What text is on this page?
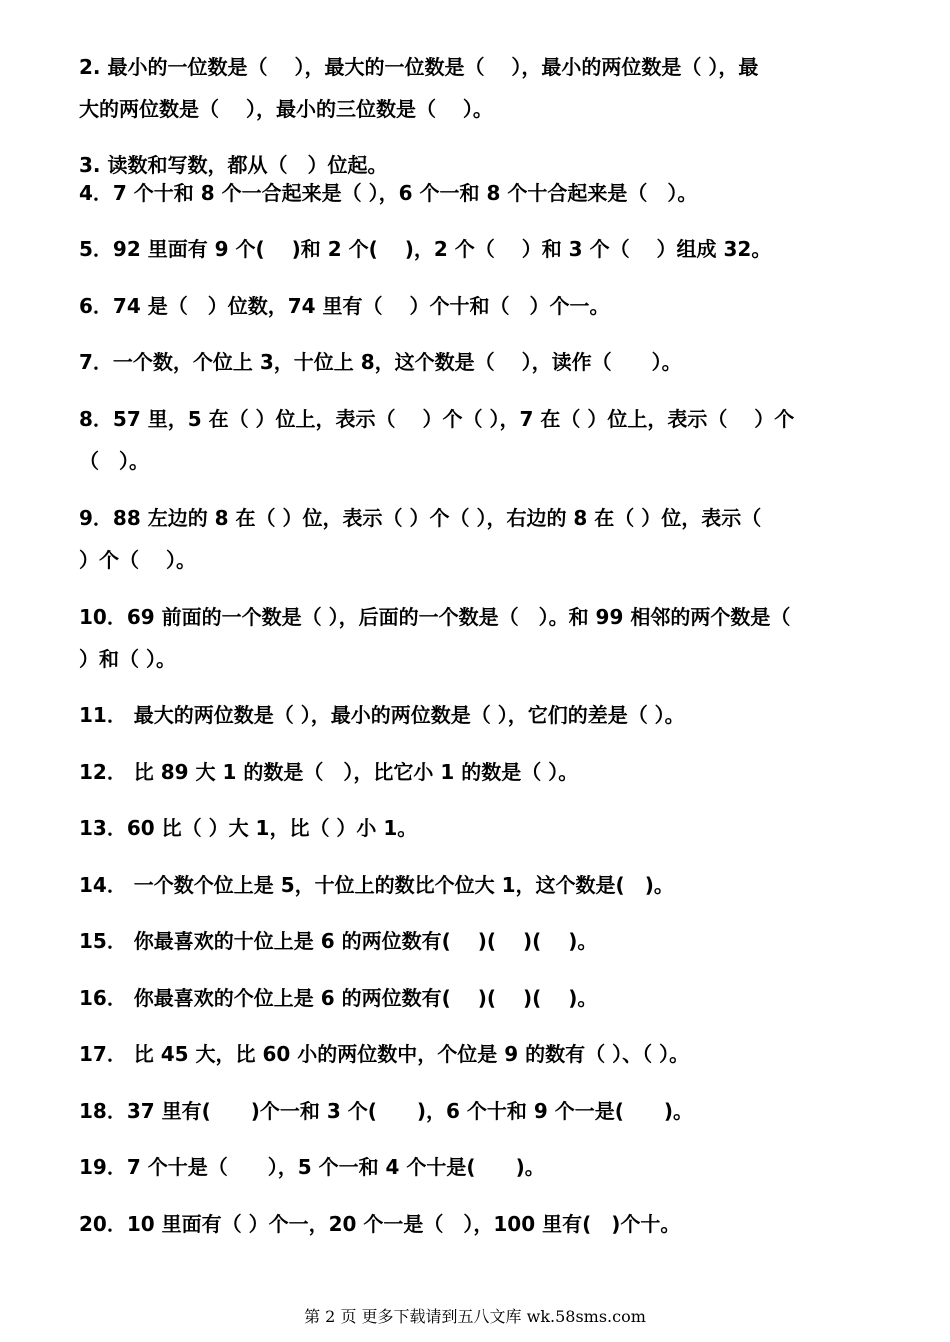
2. 最小的一位数是（　 ），最大的一位数是（　 ），最小的两位数是（ ），最
大的两位数是（　 ），最小的三位数是（　 ）。
3. 读数和写数，都从（　）位起。
4．7 个十和 8 个一合起来是（ ），6 个一和 8 个十合起来是（　）。
5．92 里面有 9 个(　 )和 2 个(　 )，2 个（　 ）和 3 个（　 ）组成 32。
6．74 是（　）位数，74 里有（　 ）个十和（　）个一。
7．一个数，个位上 3，十位上 8，这个数是（　 ），读作（　　）。
8．57 里，5 在（ ）位上，表示（　 ）个（ ），7 在（ ）位上，表示（　 ）个
（　）。
9．88 左边的 8 在（ ）位，表示（ ）个（ ），右边的 8 在（ ）位，表示（
）个（　 ）。
10．69 前面的一个数是（ ），后面的一个数是（　）。和 99 相邻的两个数是（
）和（ ）。
11． 最大的两位数是（ ），最小的两位数是（ ），它们的差是（ ）。
12． 比 89 大 1 的数是（　），比它小 1 的数是（ ）。
13．60 比（ ）大 1，比（ ）小 1。
14． 一个数个位上是 5，十位上的数比个位大 1，这个数是(　)。
15． 你最喜欢的十位上是 6 的两位数有(　 )(　 )(　 )。
16． 你最喜欢的个位上是 6 的两位数有(　 )(　 )(　 )。
17． 比 45 大，比 60 小的两位数中，个位是 9 的数有（ ）、（ ）。
18．37 里有(　　)个一和 3 个(　　)，6 个十和 9 个一是(　　)。
19．7 个十是（　　），5 个一和 4 个十是(　　)。
20．10 里面有（ ）个一，20 个一是（　），100 里有(　)个十。
第 2 页 更多下载请到五八文库 wk.58sms.com
